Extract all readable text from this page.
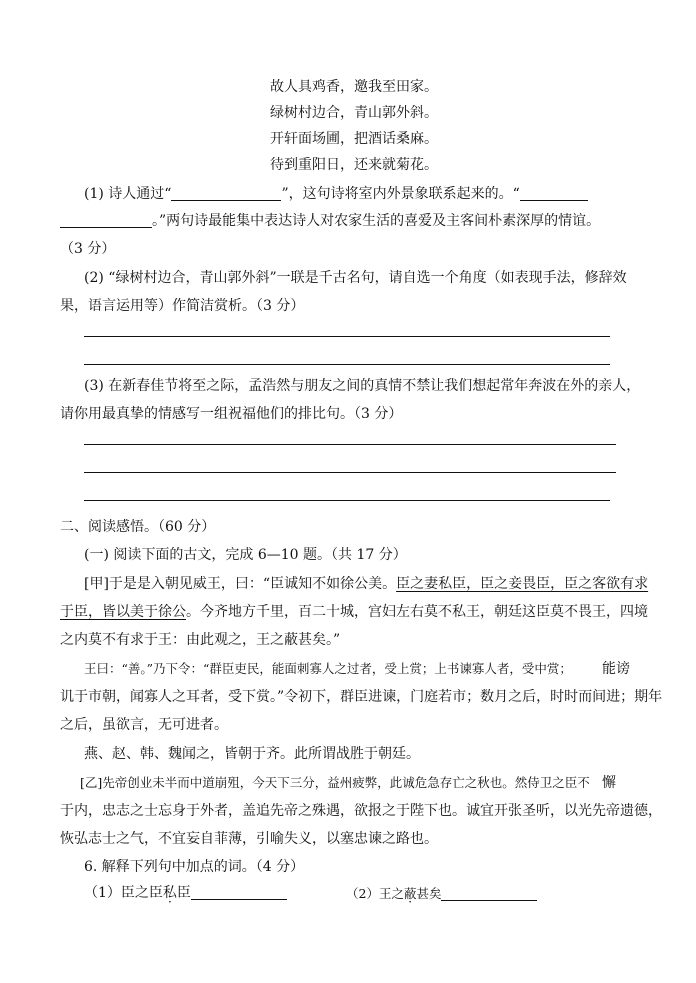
故人具鸡香，邀我至田家。
绿树村边合，青山郭外斜。
开轩面场圃，把酒话桑麻。
待到重阳日，还来就菊花。
(1) 诗人通过“	”，这句诗将室内外景象联系起来的。“
。”两句诗最能集中表达诗人对农家生活的喜爱及主客间朴素深厚的情谊。
（3 分）
(2) “绿树村边合，青山郭外斜”一联是千古名句，请自选一个角度（如表现手法，修辞效
果，语言运用等）作简洁赏析。（3 分）
(3) 在新春佳节将至之际，孟浩然与朋友之间的真情不禁让我们想起常年奔波在外的亲人，
请你用最真挚的情感写一组祝福他们的排比句。（3 分）
二、阅读感悟。（60 分）
(一) 阅读下面的古文，完成 6—10 题。（共 17 分）
[甲]于是是入朝见威王，曰：“臣诚知不如徐公美。臣之妻私臣，臣之妾畏臣，臣之客欲有求
于臣，皆以美于徐公。今齐地方千里，百二十城，宫妇左右莫不私王，朝廷这臣莫不畏王，四境
之内莫不有求于王：由此观之，王之蔽甚矣。”
王曰：“善。”乃下令：“群臣吏民，能面刺寡人之过者，受上赏；上书谏寡人者，受中赏； 能谤
讥于市朝，闻寡人之耳者，受下赏。”令初下，群臣进谏，门庭若市；数月之后，时时而间进；期年
之后，虽欲言，无可进者。
燕、赵、韩、魏闻之，皆朝于齐。此所谓战胜于朝廷。
[乙]先帝创业未半而中道崩殂，今天下三分，益州疲弊，此诚危急存亡之秋也。然侍卫之臣不 懈
于内，忠志之士忘身于外者，盖追先帝之殊遇，欲报之于陛下也。诚宜开张圣听，以光先帝遗德，
恢弘志士之气，不宜妄自菲薄，引喻失义，以塞忠谏之路也。
6. 解释下列句中加点的词。（4 分）
（1）臣之臣私臣	（2）王之蔽甚矣
